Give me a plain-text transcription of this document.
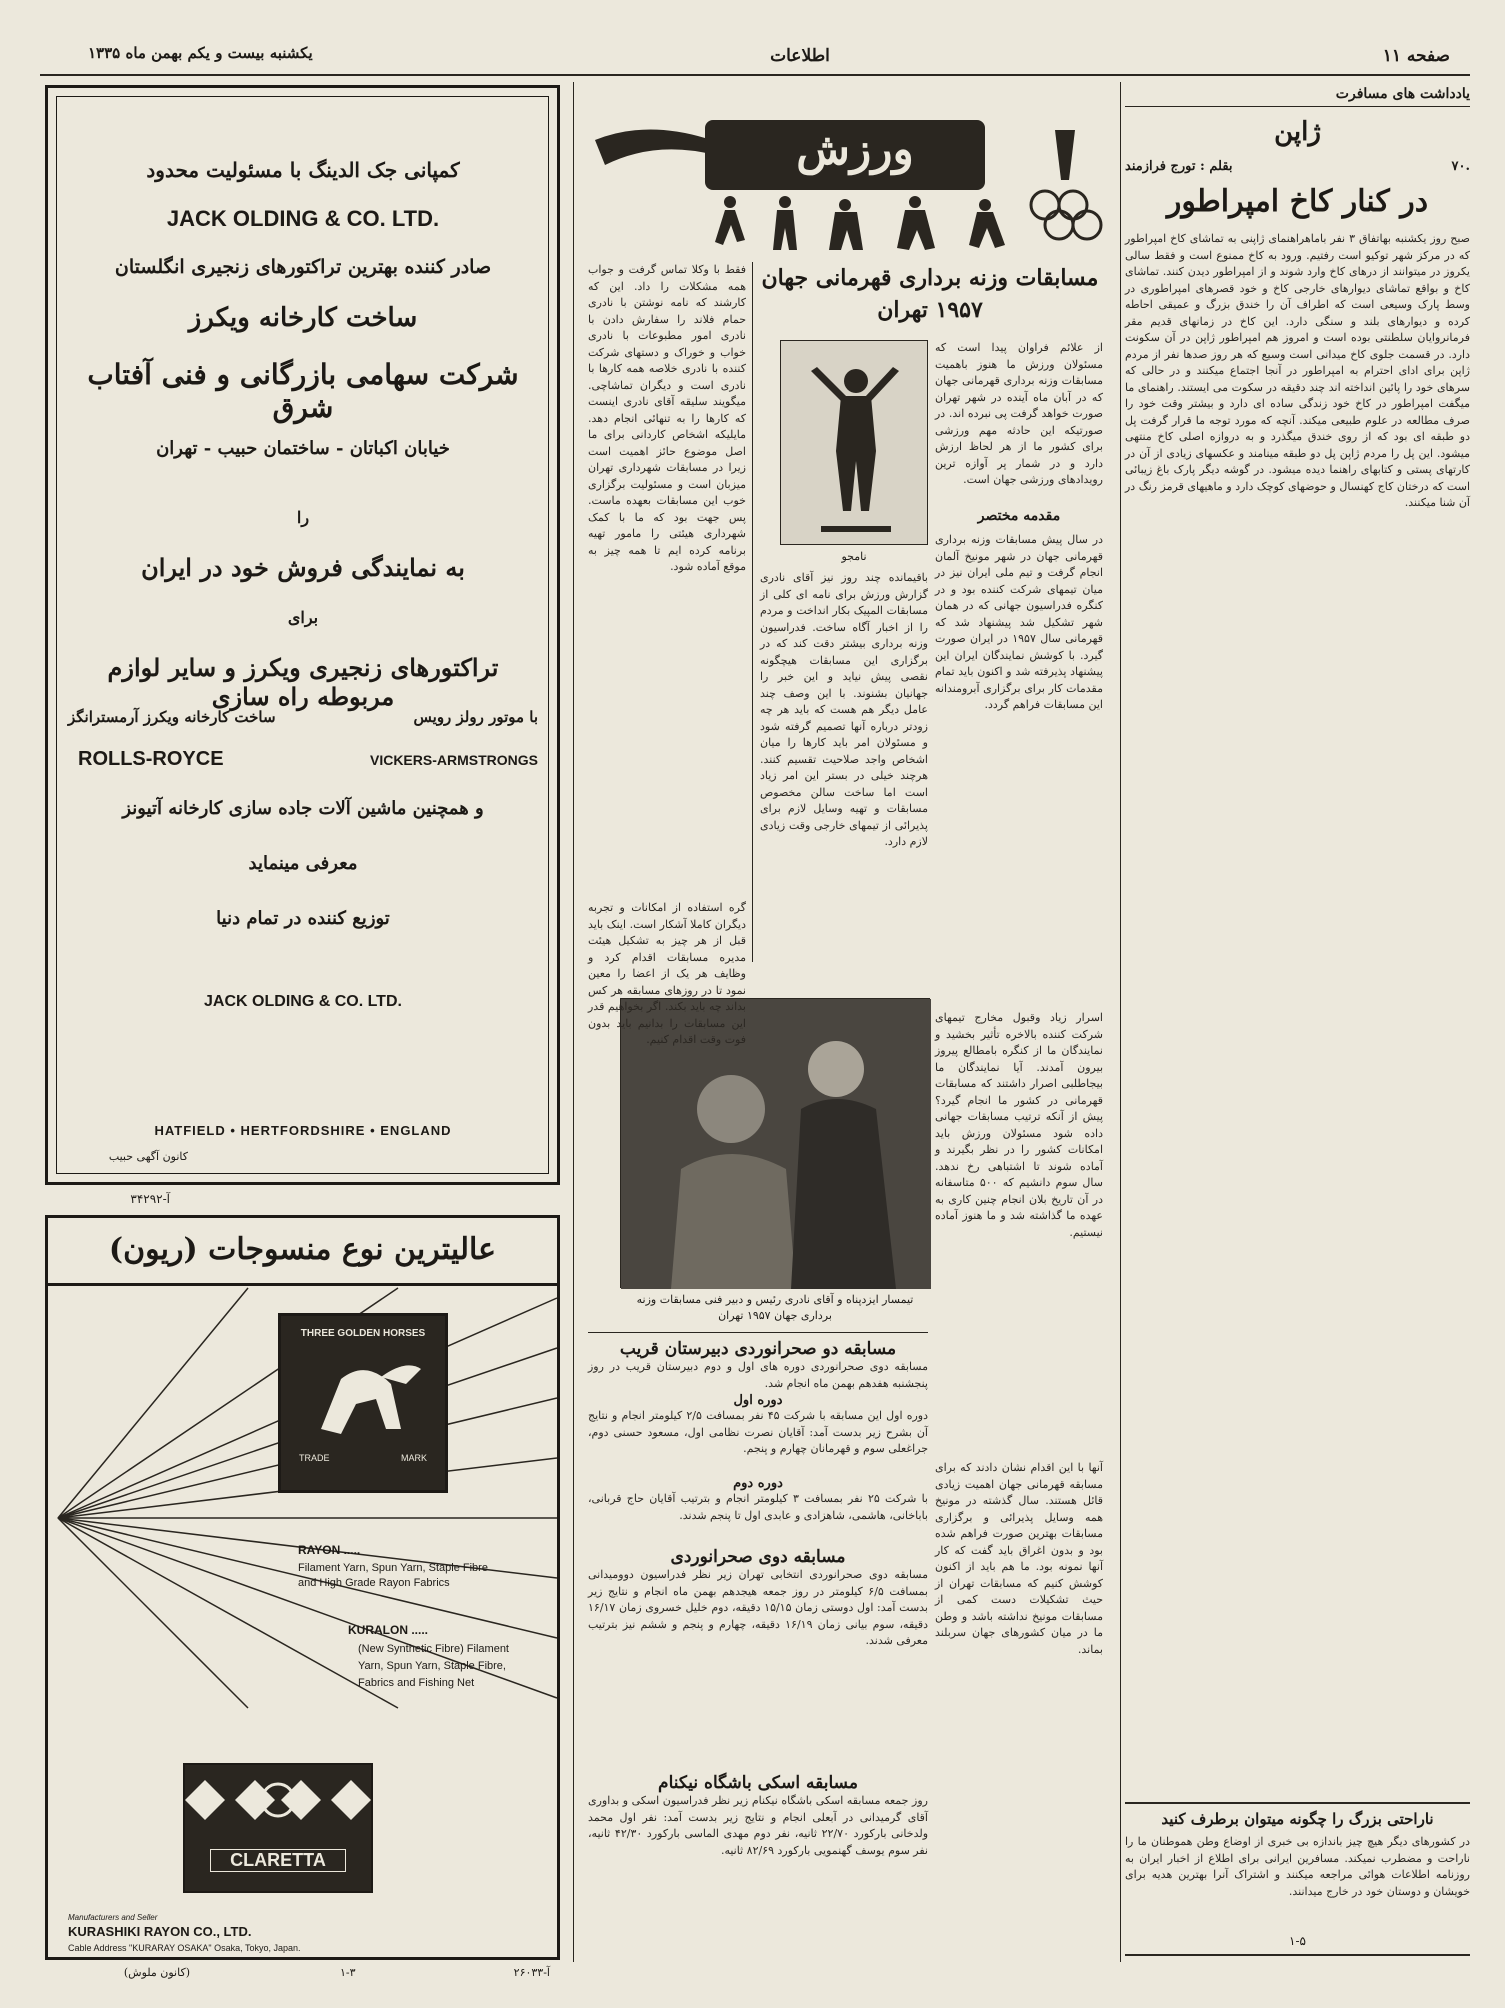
صفحه ۱۱
اطلاعات
یکشنبه بیست و یکم بهمن ماه ۱۳۳۵
یادداشت های مسافرت
ژاپن
بقلم : تورج فرازمند	۷۰.
در کنار کاخ امپراطور
صبح روز یکشنبه بهاتفاق ۳ نفر باماهراهنمای ژاپنی به تماشای کاخ امپراطور که در مرکز شهر توکیو است رفتیم. ورود به کاخ ممنوع است و فقط سالی یکروز در میتوانند از درهای کاخ وارد شوند و از امپراطور دیدن کنند. تماشای کاخ و بواقع تماشای دیوارهای خارجی کاخ و خود قصرهای امپراطوری در وسط پارک وسیعی است که اطراف آن را خندق بزرگ و عمیقی احاطه کرده و دیوارهای بلند و سنگی دارد. این کاخ در زمانهای قدیم مقر فرمانروایان سلطنتی بوده است و امروز هم امپراطور ژاپن در آن سکونت دارد. در قسمت جلوی کاخ میدانی است وسیع که هر روز صدها نفر از مردم ژاپن برای ادای احترام به امپراطور در آنجا اجتماع میکنند و در حالی که سرهای خود را پائین انداخته اند چند دقیقه در سکوت می ایستند. راهنمای ما میگفت امپراطور در کاخ خود زندگی ساده ای دارد و بیشتر وقت خود را صرف مطالعه در علوم طبیعی میکند. آنچه که مورد توجه ما قرار گرفت پل دو طبقه ای بود که از روی خندق میگذرد و به دروازه اصلی کاخ منتهی میشود. این پل را مردم ژاپن پل دو طبقه مینامند و عکسهای زیادی از آن در کارتهای پستی و کتابهای راهنما دیده میشود. در گوشه دیگر پارک باغ زیبائی است که درختان کاج کهنسال و حوضهای کوچک دارد و ماهیهای قرمز رنگ در آن شنا میکنند.
ناراحتی بزرگ را چگونه میتوان برطرف کنید
در کشورهای دیگر هیچ چیز باندازه بی خبری از اوضاع وطن هموطنان ما را ناراحت و مضطرب نمیکند. مسافرین ایرانی برای اطلاع از اخبار ایران به روزنامه اطلاعات هوائی مراجعه میکنند و اشتراک آنرا بهترین هدیه برای خویشان و دوستان خود در خارج میدانند.
۱-۵
ورزش
فقط با وکلا تماس گرفت و جواب همه مشکلات را داد. این که کارشند که نامه نوشتن با نادری حمام فلاند را سفارش دادن با نادری امور مطبوعات با نادری خواب و خوراک و دستهای شرکت کننده با نادری خلاصه همه کارها با نادری است و دیگران تماشاچی. میگویند سلیقه آقای نادری اینست که کارها را به تنهائی انجام دهد. مایلیکه اشخاص کاردانی برای ما اصل موضوع حائز اهمیت است زیرا در مسابقات شهرداری تهران میزبان است و مسئولیت برگزاری خوب این مسابقات بعهده ماست. پس جهت بود که ما با کمک شهرداری هیئتی را مامور تهیه برنامه کرده ایم تا همه چیز به موقع آماده شود.
مسابقات وزنه برداری قهرمانی جهان ۱۹۵۷ تهران
از علائم فراوان پیدا است که مسئولان ورزش ما هنوز باهمیت مسابقات وزنه برداری قهرمانی جهان که در آبان ماه آینده در شهر تهران صورت خواهد گرفت پی نبرده اند. در صورتیکه این حادثه مهم ورزشی برای کشور ما از هر لحاظ ارزش دارد و در شمار پر آوازه ترین رویدادهای ورزشی جهان است.
نامجو
مقدمه مختصر
در سال پیش مسابقات وزنه برداری قهرمانی جهان در شهر مونیخ آلمان انجام گرفت و تیم ملی ایران نیز در میان تیمهای شرکت کننده بود و در کنگره فدراسیون جهانی که در همان شهر تشکیل شد پیشنهاد شد که قهرمانی سال ۱۹۵۷ در ایران صورت گیرد. با کوشش نمایندگان ایران این پیشنهاد پذیرفته شد و اکنون باید تمام مقدمات کار برای برگزاری آبرومندانه این مسابقات فراهم گردد.
باقیمانده چند روز نیز آقای نادری گزارش ورزش برای نامه ای کلی از مسابقات المپیک بکار انداخت و مردم را از اخبار آگاه ساخت. فدراسیون وزنه برداری بیشتر دقت کند که در برگزاری این مسابقات هیچگونه نقصی پیش نیاید و این خبر را جهانیان بشنوند. با این وصف چند عامل دیگر هم هست که باید هر چه زودتر درباره آنها تصمیم گرفته شود و مسئولان امر باید کارها را میان اشخاص واجد صلاحیت تقسیم کنند. هرچند خیلی در بستر این امر زیاد است اما ساخت سالن مخصوص مسابقات و تهیه وسایل لازم برای پذیرائی از تیمهای خارجی وقت زیادی لازم دارد.
تیمسار ایزدپناه و آقای نادری رئیس و دبیر فنی مسابقات وزنه برداری جهان ۱۹۵۷ تهران
اسرار زیاد وقبول مخارج تیمهای شرکت کننده بالاخره تأثیر بخشید و نمایندگان ما از کنگره بامطالع پیروز بیرون آمدند. آیا نمایندگان ما بیجاطلبی اصرار داشتند که مسابقات قهرمانی در کشور ما انجام گیرد؟ پیش از آنکه ترتیب مسابقات جهانی داده شود مسئولان ورزش باید امکانات کشور را در نظر بگیرند و آماده شوند تا اشتباهی رخ ندهد. سال سوم دانشیم که ۵۰۰ متاسفانه در آن تاریخ بلان انجام چنین کاری به عهده ما گذاشته شد و ما هنوز آماده نیستیم.
مسابقه دو صحرانوردی دبیرستان قریب
مسابقه دوی صحرانوردی دوره های اول و دوم دبیرستان قریب در روز پنجشنبه هفدهم بهمن ماه انجام شد.
دوره اول
دوره اول این مسابقه با شرکت ۴۵ نفر بمسافت ۲/۵ کیلومتر انجام و نتایج آن بشرح زیر بدست آمد: آقایان نصرت نظامی اول، مسعود حسنی دوم، جراغعلی سوم و قهرمانان چهارم و پنجم.
دوره دوم
با شرکت ۲۵ نفر بمسافت ۳ کیلومتر انجام و بترتیب آقایان حاج قربانی، باباخانی، هاشمی، شاهزادی و عابدی اول تا پنجم شدند.
مسابقه دوی صحرانوردی
مسابقه دوی صحرانوردی انتخابی تهران زیر نظر فدراسیون دوومیدانی بمسافت ۶/۵ کیلومتر در روز جمعه هیجدهم بهمن ماه انجام و نتایج زیر بدست آمد: اول دوستی زمان ۱۵/۱۵ دقیقه، دوم خلیل خسروی زمان ۱۶/۱۷ دقیقه، سوم بیانی زمان ۱۶/۱۹ دقیقه، چهارم و پنجم و ششم نیز بترتیب معرفی شدند.
مسابقه اسکی باشگاه نیکنام
روز جمعه مسابقه اسکی باشگاه نیکنام زیر نظر فدراسیون اسکی و بداوری آقای گرمیدانی در آبعلی انجام و نتایج زیر بدست آمد: نفر اول محمد ولدخانی بارکورد ۲۲/۷۰ ثانیه، نفر دوم مهدی الماسی بارکورد ۴۲/۳۰ ثانیه، نفر سوم یوسف گهنمویی بارکورد ۸۲/۶۹ ثانیه.
آنها با این اقدام نشان دادند که برای مسابقه قهرمانی جهان اهمیت زیادی قائل هستند. سال گذشته در مونیخ همه وسایل پذیرائی و برگزاری مسابقات بهترین صورت فراهم شده بود و بدون اغراق باید گفت که کار آنها نمونه بود. ما هم باید از اکنون کوشش کنیم که مسابقات تهران از حیث تشکیلات دست کمی از مسابقات مونیخ نداشته باشد و وطن ما در میان کشورهای جهان سربلند بماند.
گره استفاده از امکانات و تجربه دیگران کاملا آشکار است. اینک باید قبل از هر چیز به تشکیل هیئت مدیره مسابقات اقدام کرد و وظایف هر یک از اعضا را معین نمود تا در روزهای مسابقه هر کس بداند چه باید بکند. اگر بخواهیم قدر این مسابقات را بدانیم باید بدون فوت وقت اقدام کنیم.
کمپانی جک الدینگ با مسئولیت محدود
JACK OLDING & CO. LTD.
صادر کننده بهترین تراکتورهای زنجیری انگلستان
ساخت کارخانه ویکرز
شرکت سهامی بازرگانی و فنی آفتاب شرق
خیابان اکباتان - ساختمان حبیب - تهران
را
به نمایندگی فروش خود در ایران
برای
تراکتورهای زنجیری ویکرز و سایر لوازم مربوطه راه سازی
با موتور رولز رویس
ساخت کارخانه ویکرز آرمسترانگز
ROLLS-ROYCE	VICKERS-ARMSTRONGS
و همچنین ماشین آلات جاده سازی کارخانه آتیونز
معرفی مینماید
توزیع کننده در تمام دنیا
JACK OLDING & CO. LTD.
HATFIELD • HERTFORDSHIRE • ENGLAND
کانون آگهی حبیب
آ-۳۴۲۹۲
عالیترین نوع منسوجات (ریون)
THREE GOLDEN HORSES
TRADE	MARK
RAYON .....
Filament Yarn, Spun Yarn, Staple Fibre and High Grade Rayon Fabrics
KURALON .....
(New Synthetic Fibre) Filament Yarn, Spun Yarn, Staple Fibre, Fabrics and Fishing Net
CLARETTA
Manufacturers and Seller
KURASHIKI RAYON CO., LTD.
Cable Address "KURARAY OSAKA" Osaka, Tokyo, Japan.
(کانون ملوش)	۱-۳	آ-۲۶۰۳۳
